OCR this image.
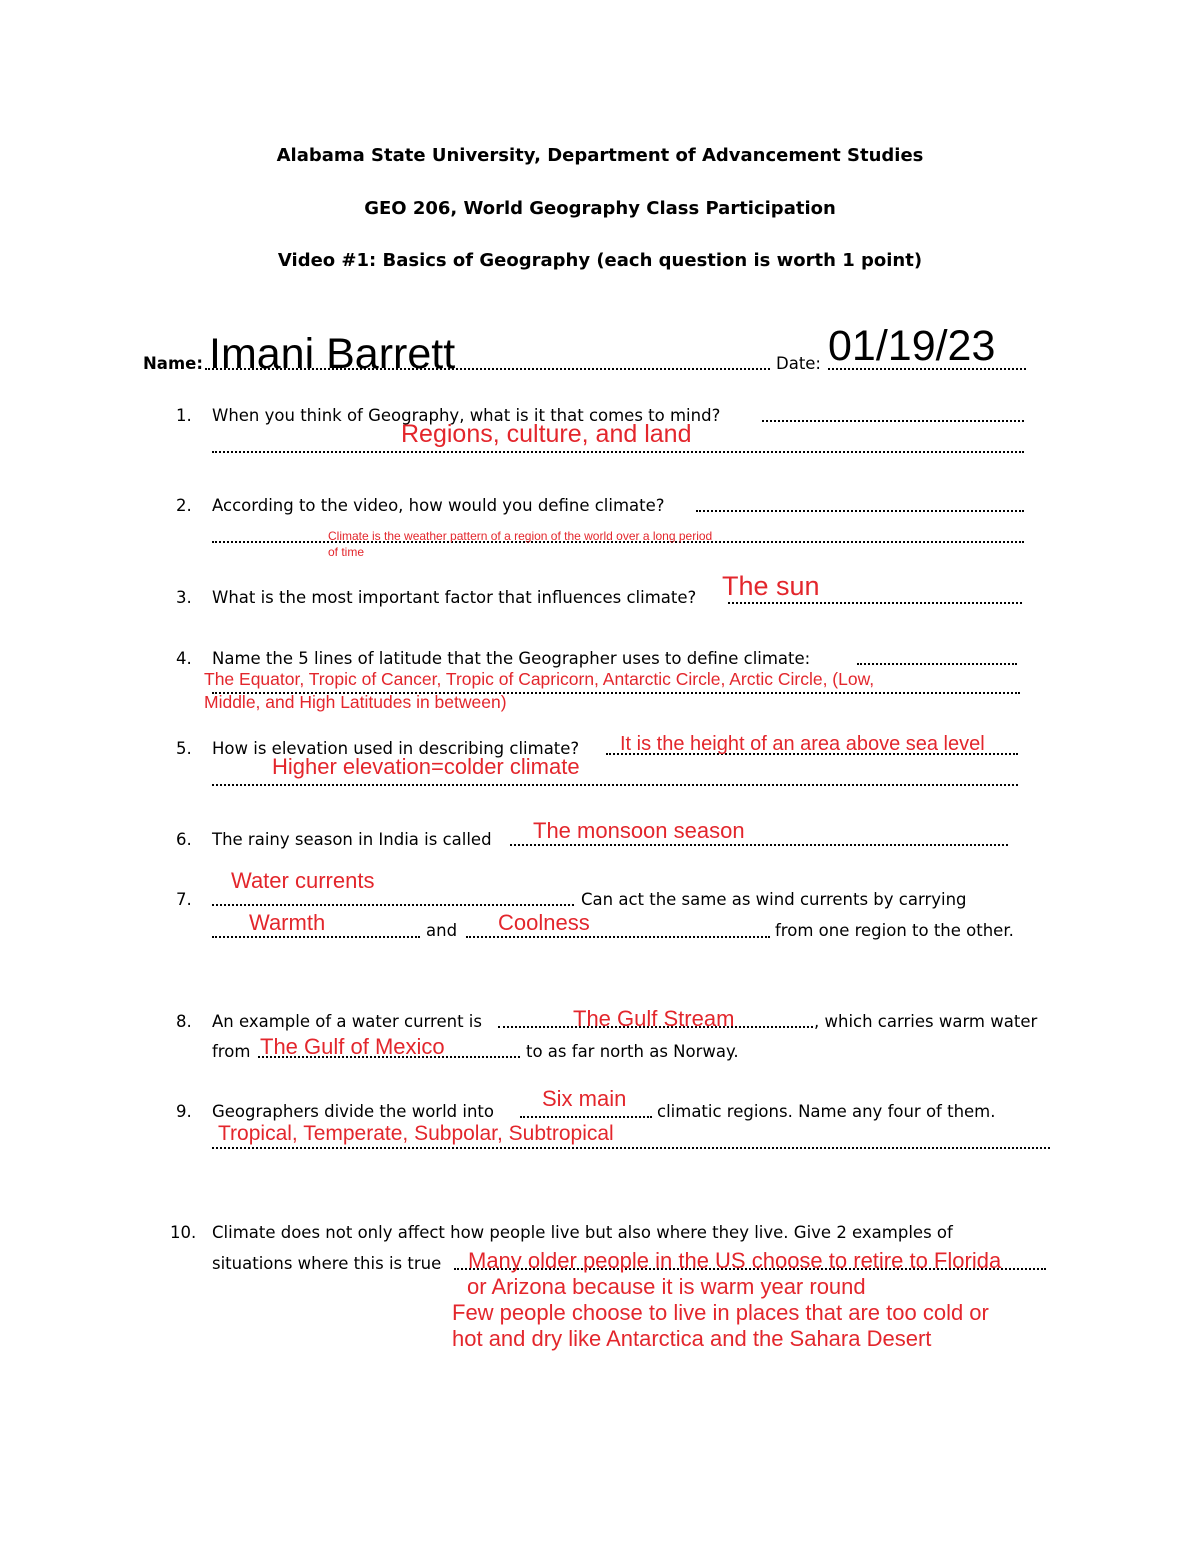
Alabama State University, Department of Advancement Studies
GEO 206, World Geography Class Participation
Video #1: Basics of Geography (each question is worth 1 point)
Name: Imani Barrett	Date: 01/19/23
1. When you think of Geography, what is it that comes to mind?
Regions, culture, and land
2. According to the video, how would you define climate?
Climate is the weather pattern of a region of the world over a long period
of time
3. What is the most important factor that influences climate? The sun
4. Name the 5 lines of latitude that the Geographer uses to define climate:
The Equator, Tropic of Cancer, Tropic of Capricorn, Antarctic Circle, Arctic Circle, (Low,
Middle, and High Latitudes in between)
5. How is elevation used in describing climate? It is the height of an area above sea level
Higher elevation=colder climate
6. The rainy season in India is called The monsoon season
7.	Can act the same as wind currents by carrying
and	from one region to the other.
Water currents
Warmth	Coolness
8. An example of a water current is	, which carries warm water
from	to as far north as Norway.
The Gulf Stream
The Gulf of Mexico
9. Geographers divide the world into	climatic regions. Name any four of them.
Six main
Tropical, Temperate, Subpolar, Subtropical
10. Climate does not only affect how people live but also where they live. Give 2 examples of
situations where this is true Many older people in the US choose to retire to Florida
or Arizona because it is warm year round
Few people choose to live in places that are too cold or
hot and dry like Antarctica and the Sahara Desert
